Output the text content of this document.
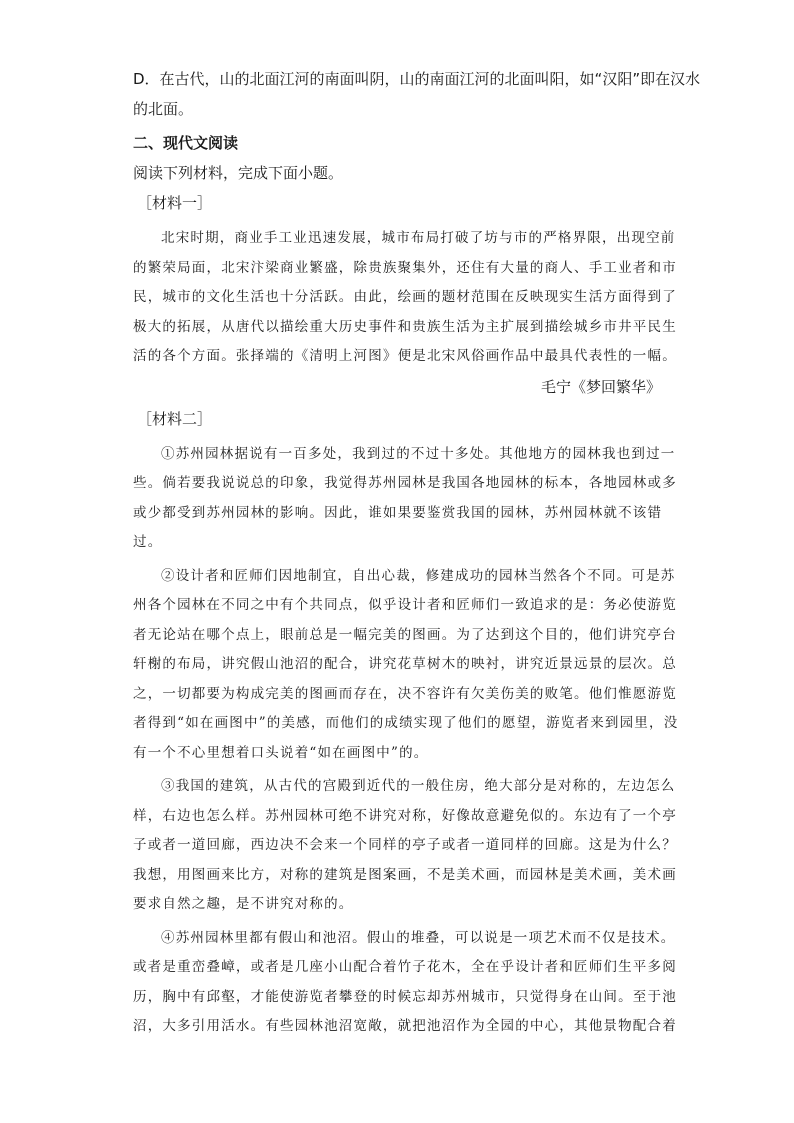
D．在古代，山的北面江河的南面叫阴，山的南面江河的北面叫阳，如“汉阳”即在汉水
的北面。
二、现代文阅读
阅读下列材料，完成下面小题。
［材料一］
北宋时期，商业手工业迅速发展，城市布局打破了坊与市的严格界限，出现空前
的繁荣局面，北宋汴梁商业繁盛，除贵族聚集外，还住有大量的商人、手工业者和市
民，城市的文化生活也十分活跃。由此，绘画的题材范围在反映现实生活方面得到了
极大的拓展，从唐代以描绘重大历史事件和贵族生活为主扩展到描绘城乡市井平民生
活的各个方面。张择端的《清明上河图》便是北宋风俗画作品中最具代表性的一幅。
毛宁《梦回繁华》
［材料二］
①苏州园林据说有一百多处，我到过的不过十多处。其他地方的园林我也到过一
些。倘若要我说说总的印象，我觉得苏州园林是我国各地园林的标本，各地园林或多
或少都受到苏州园林的影响。因此，谁如果要鉴赏我国的园林，苏州园林就不该错
过。
②设计者和匠师们因地制宜，自出心裁，修建成功的园林当然各个不同。可是苏
州各个园林在不同之中有个共同点，似乎设计者和匠师们一致追求的是：务必使游览
者无论站在哪个点上，眼前总是一幅完美的图画。为了达到这个目的，他们讲究亭台
轩榭的布局，讲究假山池沼的配合，讲究花草树木的映衬，讲究近景远景的层次。总
之，一切都要为构成完美的图画而存在，决不容许有欠美伤美的败笔。他们惟愿游览
者得到“如在画图中”的美感，而他们的成绩实现了他们的愿望，游览者来到园里，没
有一个不心里想着口头说着“如在画图中”的。
③我国的建筑，从古代的宫殿到近代的一般住房，绝大部分是对称的，左边怎么
样，右边也怎么样。苏州园林可绝不讲究对称，好像故意避免似的。东边有了一个亭
子或者一道回廊，西边决不会来一个同样的亭子或者一道同样的回廊。这是为什么？
我想，用图画来比方，对称的建筑是图案画，不是美术画，而园林是美术画，美术画
要求自然之趣，是不讲究对称的。
④苏州园林里都有假山和池沼。假山的堆叠，可以说是一项艺术而不仅是技术。
或者是重峦叠嶂，或者是几座小山配合着竹子花木，全在乎设计者和匠师们生平多阅
历，胸中有邱壑，才能使游览者攀登的时候忘却苏州城市，只觉得身在山间。至于池
沼，大多引用活水。有些园林池沼宽敞，就把池沼作为全园的中心，其他景物配合着
